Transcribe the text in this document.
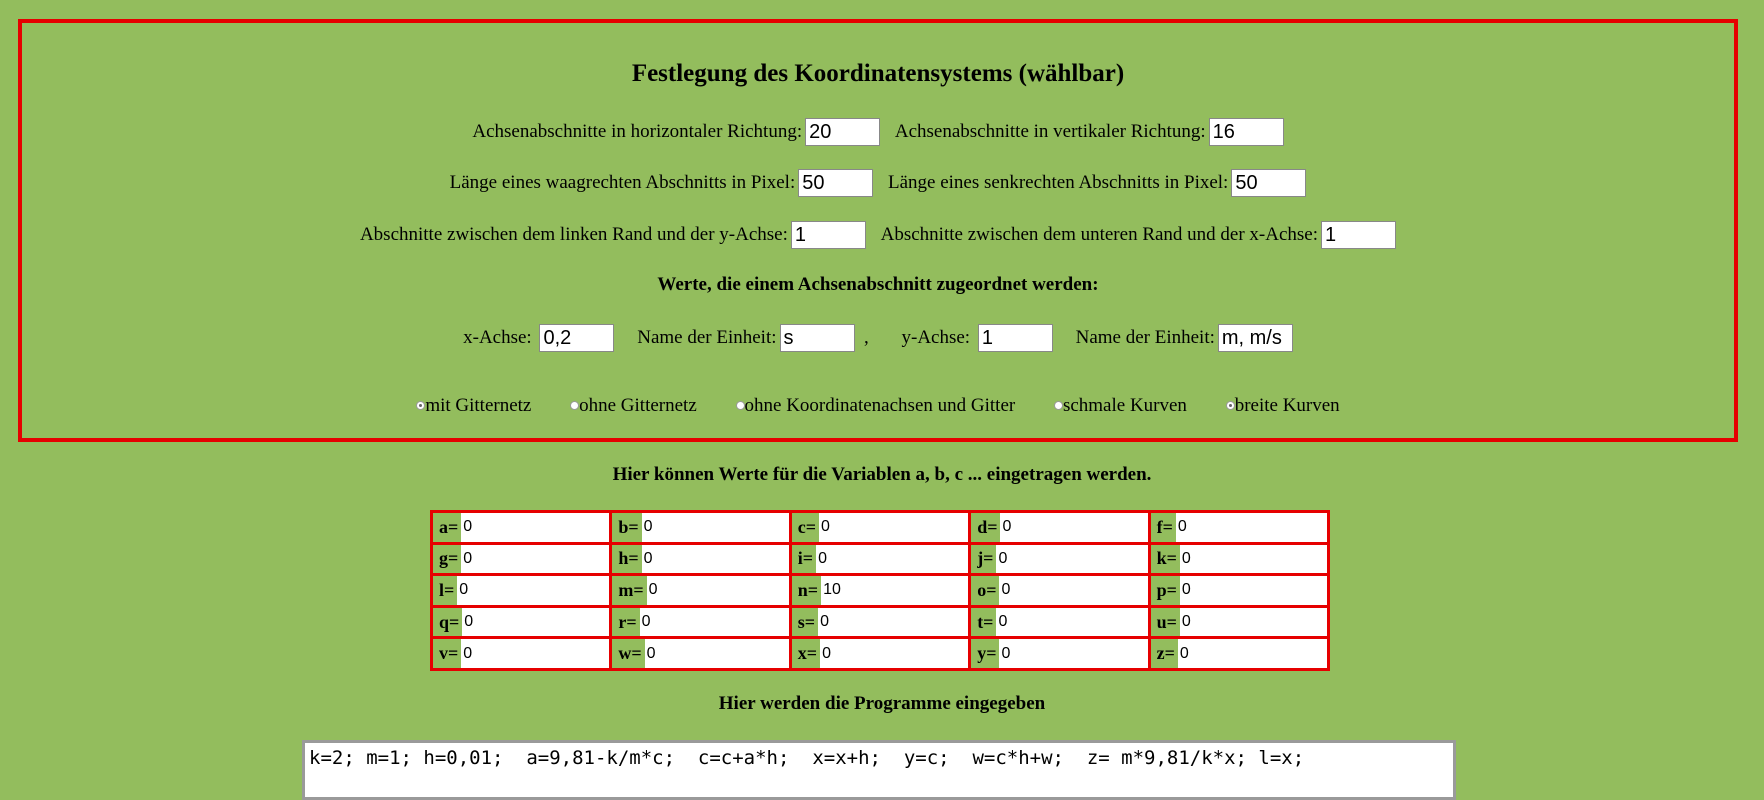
Festlegung des Koordinatensystems (wählbar)
Achsenabschnitte in horizontaler Richtung:20	Achsenabschnitte in vertikaler Richtung:16
Länge eines waagrechten Abschnitts in Pixel:50	Länge eines senkrechten Abschnitts in Pixel:50
Abschnitte zwischen dem linken Rand und der y-Achse:1	Abschnitte zwischen dem unteren Rand und der x-Achse:1
Werte, die einem Achsenabschnitt zugeordnet werden:
x-Achse: 0,2	Name der Einheit:s	, y-Achse: 1	Name der Einheit:m, m/s
mit Gitternetz	ohne Gitternetz	ohne Koordinatenachsen und Gitter	schmale Kurven	breite Kurven
Hier können Werte für die Variablen a, b, c ... eingetragen werden.
a= 0	b= 0	c= 0	d= 0	f= 0
g= 0	h= 0	i= 0	j= 0	k= 0
l= 0	m= 0	n= 10	o= 0	p= 0
q= 0	r= 0	s= 0	t= 0	u= 0
v= 0	w= 0	x= 0	y= 0	z= 0
Hier werden die Programme eingegeben
k=2; m=1; h=0,01;  a=9,81-k/m*c;  c=c+a*h;  x=x+h;  y=c;  w=c*h+w;  z= m*9,81/k*x; l=x;
